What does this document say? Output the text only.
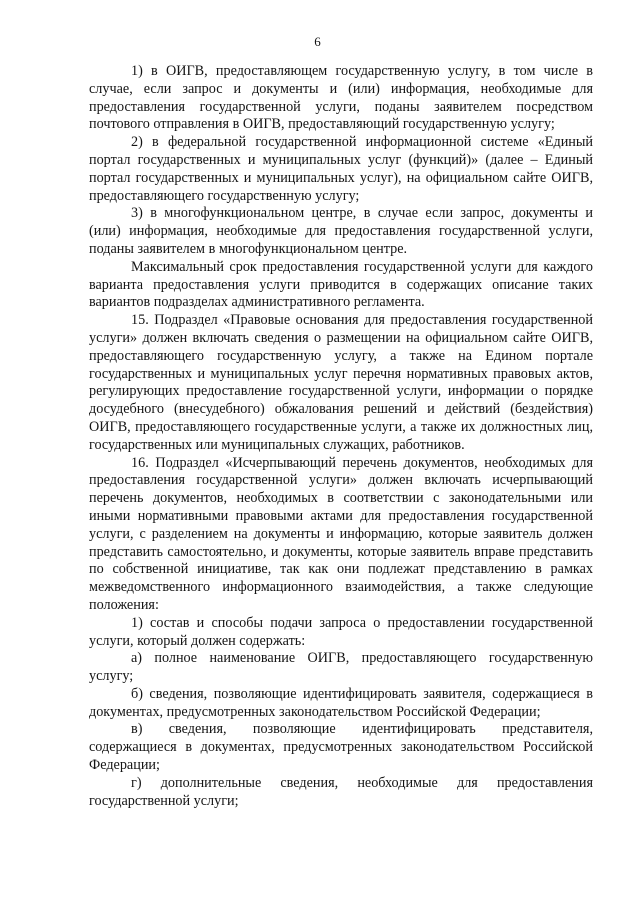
6

1) в ОИГВ, предоставляющем государственную услугу, в том числе в случае, если запрос и документы и (или) информация, необходимые для предоставления государственной услуги, поданы заявителем посредством почтового отправления в ОИГВ, предоставляющий государственную услугу;

2) в федеральной государственной информационной системе «Единый портал государственных и муниципальных услуг (функций)» (далее – Единый портал государственных и муниципальных услуг), на официальном сайте ОИГВ, предоставляющего государственную услугу;

3) в многофункциональном центре, в случае если запрос, документы и (или) информация, необходимые для предоставления государственной услуги, поданы заявителем в многофункциональном центре.

Максимальный срок предоставления государственной услуги для каждого варианта предоставления услуги приводится в содержащих описание таких вариантов подразделах административного регламента.

15. Подраздел «Правовые основания для предоставления государственной услуги» должен включать сведения о размещении на официальном сайте ОИГВ, предоставляющего государственную услугу, а также на Едином портале государственных и муниципальных услуг перечня нормативных правовых актов, регулирующих предоставление государственной услуги, информации о порядке досудебного (внесудебного) обжалования решений и действий (бездействия) ОИГВ, предоставляющего государственные услуги, а также их должностных лиц, государственных или муниципальных служащих, работников.

16. Подраздел «Исчерпывающий перечень документов, необходимых для предоставления государственной услуги» должен включать исчерпывающий перечень документов, необходимых в соответствии с законодательными или иными нормативными правовыми актами для предоставления государственной услуги, с разделением на документы и информацию, которые заявитель должен представить самостоятельно, и документы, которые заявитель вправе представить по собственной инициативе, так как они подлежат представлению в рамках межведомственного информационного взаимодействия, а также следующие положения:

1) состав и способы подачи запроса о предоставлении государственной услуги, который должен содержать:

а) полное наименование ОИГВ, предоставляющего государственную услугу;

б) сведения, позволяющие идентифицировать заявителя, содержащиеся в документах, предусмотренных законодательством Российской Федерации;

в) сведения, позволяющие идентифицировать представителя, содержащиеся в документах, предусмотренных законодательством Российской Федерации;

г) дополнительные сведения, необходимые для предоставления государственной услуги;
